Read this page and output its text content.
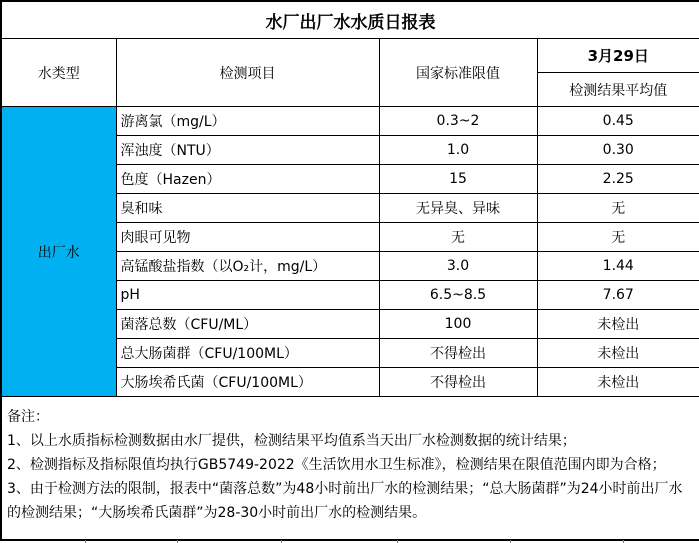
水厂出厂水水质日报表			
水类型	检测项目	国家标准限值	3月29日
			检测结果平均值
出厂水	游离氯（mg/L）	0.3~2	0.45
	浑浊度（NTU）	1.0	0.30
	色度（Hazen）	15	2.25
	臭和味	无异臭、异味	无
	肉眼可见物	无	无
	高锰酸盐指数（以O₂计，mg/L）	3.0	1.44
	pH	6.5~8.5	7.67
	菌落总数（CFU/ML）	100	未检出
	总大肠菌群（CFU/100ML）	不得检出	未检出
	大肠埃希氏菌（CFU/100ML）	不得检出	未检出

备注：
1、以上水质指标检测数据由水厂提供，检测结果平均值系当天出厂水检测数据的统计结果；
2、检测指标及指标限值均执行GB5749-2022《生活饮用水卫生标准》，检测结果在限值范围内即为合格；
3、由于检测方法的限制，报表中“菌落总数”为48小时前出厂水的检测结果；“总大肠菌群”为24小时前出厂水的检测结果；“大肠埃希氏菌群”为28-30小时前出厂水的检测结果。			
